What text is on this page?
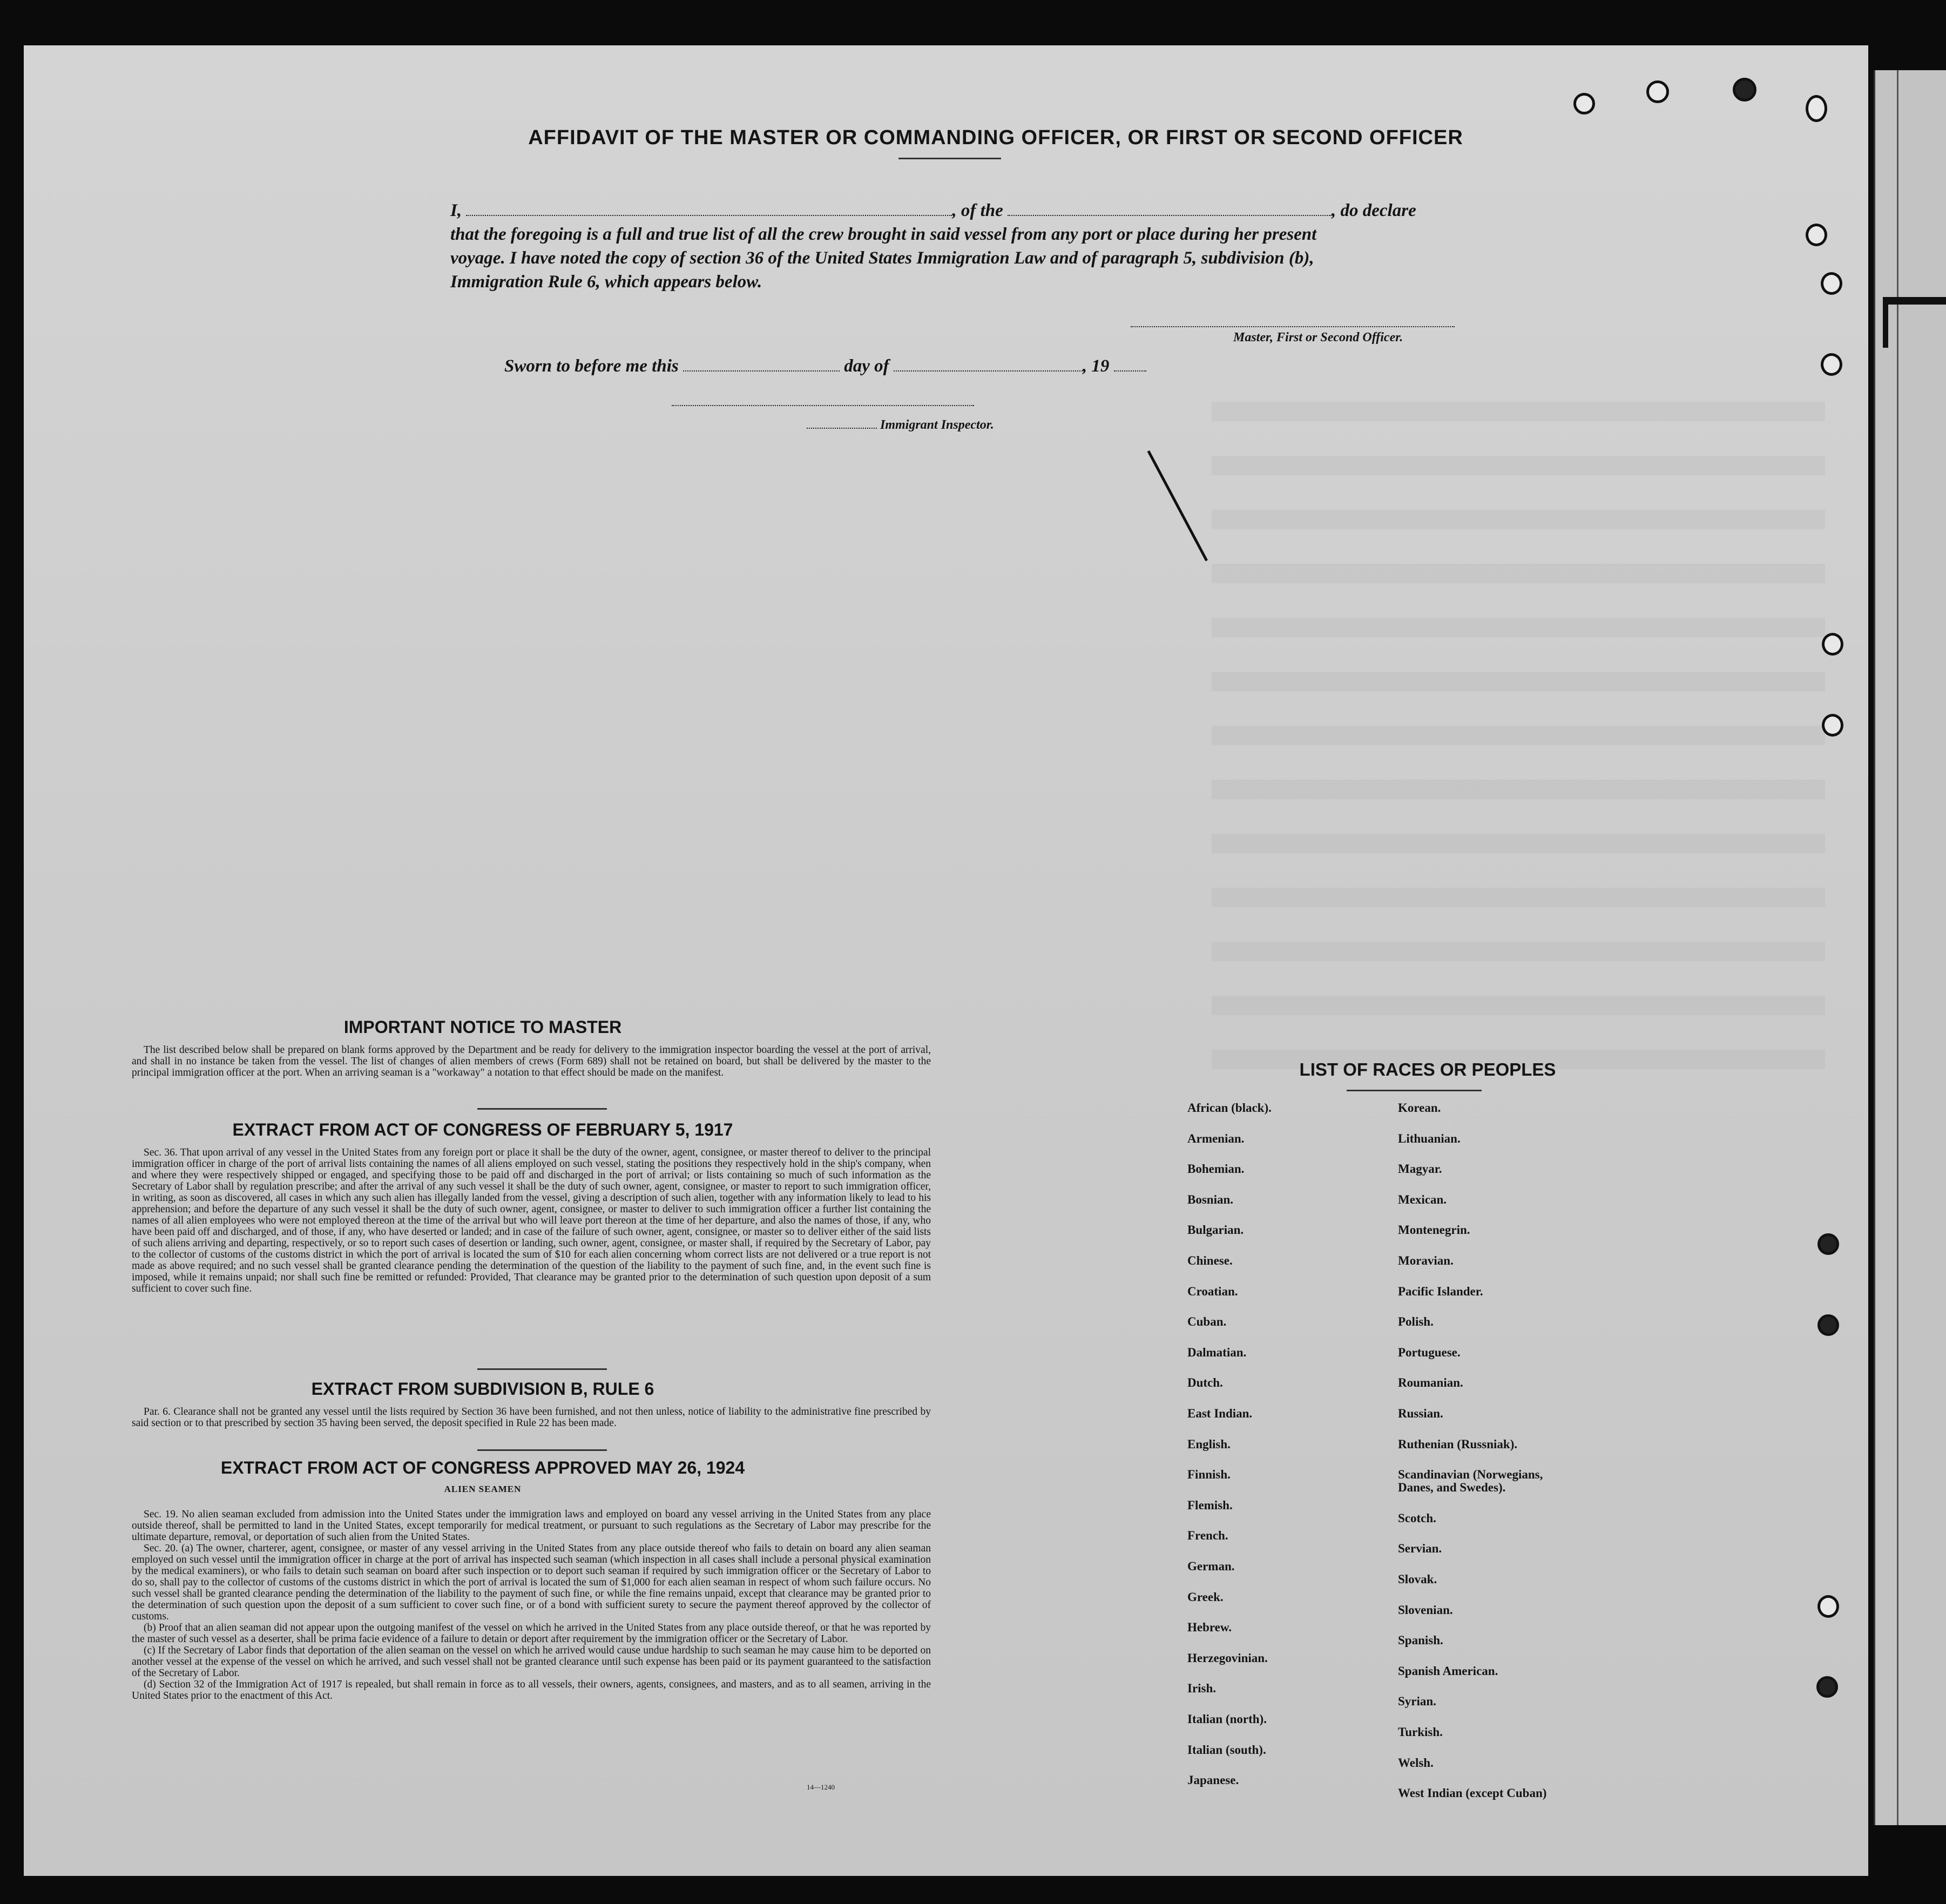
AFFIDAVIT OF THE MASTER OR COMMANDING OFFICER, OR FIRST OR SECOND OFFICER
I,	, of the	, do declare
that the foregoing is a full and true list of all the crew brought in said vessel from any port or place during her present
voyage. I have noted the copy of section 36 of the United States Immigration Law and of paragraph 5, subdivision (b),
Immigration Rule 6, which appears below.
Master, First or Second Officer.
Sworn to before me this	day of	, 19
Immigrant Inspector.
IMPORTANT NOTICE TO MASTER

The list described below shall be prepared on blank forms approved by the Department and be ready for delivery to the immigration inspector boarding the vessel at the port of arrival, and shall in no instance be taken from the vessel. The list of changes of alien members of crews (Form 689) shall not be retained on board, but shall be delivered by the master to the principal immigration officer at the port. When an arriving seaman is a "workaway" a notation to that effect should be made on the manifest.

EXTRACT FROM ACT OF CONGRESS OF FEBRUARY 5, 1917

Sec. 36. That upon arrival of any vessel in the United States from any foreign port or place it shall be the duty of the owner, agent, consignee, or master thereof to deliver to the principal immigration officer in charge of the port of arrival lists containing the names of all aliens employed on such vessel, stating the positions they respectively hold in the ship's company, when and where they were respectively shipped or engaged, and specifying those to be paid off and discharged in the port of arrival; or lists containing so much of such information as the Secretary of Labor shall by regulation prescribe; and after the arrival of any such vessel it shall be the duty of such owner, agent, consignee, or master to report to such immigration officer, in writing, as soon as discovered, all cases in which any such alien has illegally landed from the vessel, giving a description of such alien, together with any information likely to lead to his apprehension; and before the departure of any such vessel it shall be the duty of such owner, agent, consignee, or master to deliver to such immigration officer a further list containing the names of all alien employees who were not employed thereon at the time of the arrival but who will leave port thereon at the time of her departure, and also the names of those, if any, who have been paid off and discharged, and of those, if any, who have deserted or landed; and in case of the failure of such owner, agent, consignee, or master so to deliver either of the said lists of such aliens arriving and departing, respectively, or so to report such cases of desertion or landing, such owner, agent, consignee, or master shall, if required by the Secretary of Labor, pay to the collector of customs of the customs district in which the port of arrival is located the sum of $10 for each alien concerning whom correct lists are not delivered or a true report is not made as above required; and no such vessel shall be granted clearance pending the determination of the question of the liability to the payment of such fine, and, in the event such fine is imposed, while it remains unpaid; nor shall such fine be remitted or refunded: Provided, That clearance may be granted prior to the determination of such question upon deposit of a sum sufficient to cover such fine.

EXTRACT FROM SUBDIVISION B, RULE 6

Par. 6. Clearance shall not be granted any vessel until the lists required by Section 36 have been furnished, and not then unless, notice of liability to the administrative fine prescribed by said section or to that prescribed by section 35 having been served, the deposit specified in Rule 22 has been made.

EXTRACT FROM ACT OF CONGRESS APPROVED MAY 26, 1924
ALIEN SEAMEN

Sec. 19. No alien seaman excluded from admission into the United States under the immigration laws and employed on board any vessel arriving in the United States from any place outside thereof, shall be permitted to land in the United States, except temporarily for medical treatment, or pursuant to such regulations as the Secretary of Labor may prescribe for the ultimate departure, removal, or deportation of such alien from the United States.

Sec. 20. (a) The owner, charterer, agent, consignee, or master of any vessel arriving in the United States from any place outside thereof who fails to detain on board any alien seaman employed on such vessel until the immigration officer in charge at the port of arrival has inspected such seaman (which inspection in all cases shall include a personal physical examination by the medical examiners), or who fails to detain such seaman on board after such inspection or to deport such seaman if required by such immigration officer or the Secretary of Labor to do so, shall pay to the collector of customs of the customs district in which the port of arrival is located the sum of $1,000 for each alien seaman in respect of whom such failure occurs. No such vessel shall be granted clearance pending the determination of the liability to the payment of such fine, or while the fine remains unpaid, except that clearance may be granted prior to the determination of such question upon the deposit of a sum sufficient to cover such fine, or of a bond with sufficient surety to secure the payment thereof approved by the collector of customs.

(b) Proof that an alien seaman did not appear upon the outgoing manifest of the vessel on which he arrived in the United States from any place outside thereof, or that he was reported by the master of such vessel as a deserter, shall be prima facie evidence of a failure to detain or deport after requirement by the immigration officer or the Secretary of Labor.

(c) If the Secretary of Labor finds that deportation of the alien seaman on the vessel on which he arrived would cause undue hardship to such seaman he may cause him to be deported on another vessel at the expense of the vessel on which he arrived, and such vessel shall not be granted clearance until such expense has been paid or its payment guaranteed to the satisfaction of the Secretary of Labor.

(d) Section 32 of the Immigration Act of 1917 is repealed, but shall remain in force as to all vessels, their owners, agents, consignees, and masters, and as to all seamen, arriving in the United States prior to the enactment of this Act.

14—1240
LIST OF RACES OR PEOPLES
African (black).
Armenian.
Bohemian.
Bosnian.
Bulgarian.
Chinese.
Croatian.
Cuban.
Dalmatian.
Dutch.
East Indian.
English.
Finnish.
Flemish.
French.
German.
Greek.
Hebrew.
Herzegovinian.
Irish.
Italian (north).
Italian (south).
Japanese.
Korean.
Lithuanian.
Magyar.
Mexican.
Montenegrin.
Moravian.
Pacific Islander.
Polish.
Portuguese.
Roumanian.
Russian.
Ruthenian (Russniak).
Scandinavian (Norwegians,
Danes, and Swedes).
Scotch.
Servian.
Slovak.
Slovenian.
Spanish.
Spanish American.
Syrian.
Turkish.
Welsh.
West Indian (except Cuban)
